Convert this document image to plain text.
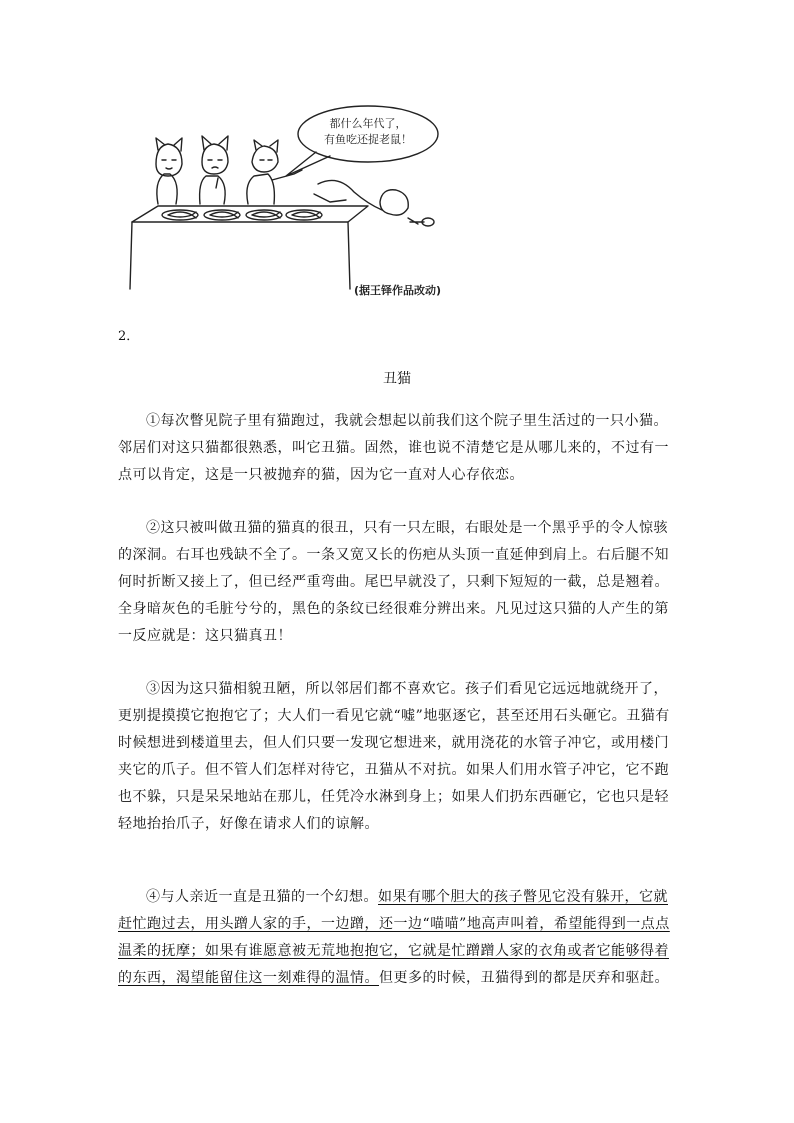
都什么年代了，
有鱼吃还捉老鼠！
(据王铎作品改动)
2．
丑猫

①每次瞥见院子里有猫跑过，我就会想起以前我们这个院子里生活过的一只小猫。邻居们对这只猫都很熟悉，叫它丑猫。固然，谁也说不清楚它是从哪儿来的，不过有一点可以肯定，这是一只被抛弃的猫，因为它一直对人心存依恋。

②这只被叫做丑猫的猫真的很丑，只有一只左眼，右眼处是一个黑乎乎的令人惊骇的深洞。右耳也残缺不全了。一条又宽又长的伤疤从头顶一直延伸到肩上。右后腿不知何时折断又接上了，但已经严重弯曲。尾巴早就没了，只剩下短短的一截，总是翘着。全身暗灰色的毛脏兮兮的，黑色的条纹已经很难分辨出来。凡见过这只猫的人产生的第一反应就是：这只猫真丑！

③因为这只猫相貌丑陋，所以邻居们都不喜欢它。孩子们看见它远远地就绕开了，更别提摸摸它抱抱它了；大人们一看见它就“嘘”地驱逐它，甚至还用石头砸它。丑猫有时候想进到楼道里去，但人们只要一发现它想进来，就用浇花的水管子冲它，或用楼门夹它的爪子。但不管人们怎样对待它，丑猫从不对抗。如果人们用水管子冲它，它不跑也不躲，只是呆呆地站在那儿，任凭冷水淋到身上；如果人们扔东西砸它，它也只是轻轻地抬抬爪子，好像在请求人们的谅解。

④与人亲近一直是丑猫的一个幻想。如果有哪个胆大的孩子瞥见它没有躲开，它就赶忙跑过去，用头蹭人家的手，一边蹭，还一边“喵喵”地高声叫着，希望能得到一点点温柔的抚摩；如果有谁愿意被无荒地抱抱它，它就是忙蹭蹭人家的衣角或者它能够得着的东西，渴望能留住这一刻难得的温情。但更多的时候，丑猫得到的都是厌弃和驱赶。
